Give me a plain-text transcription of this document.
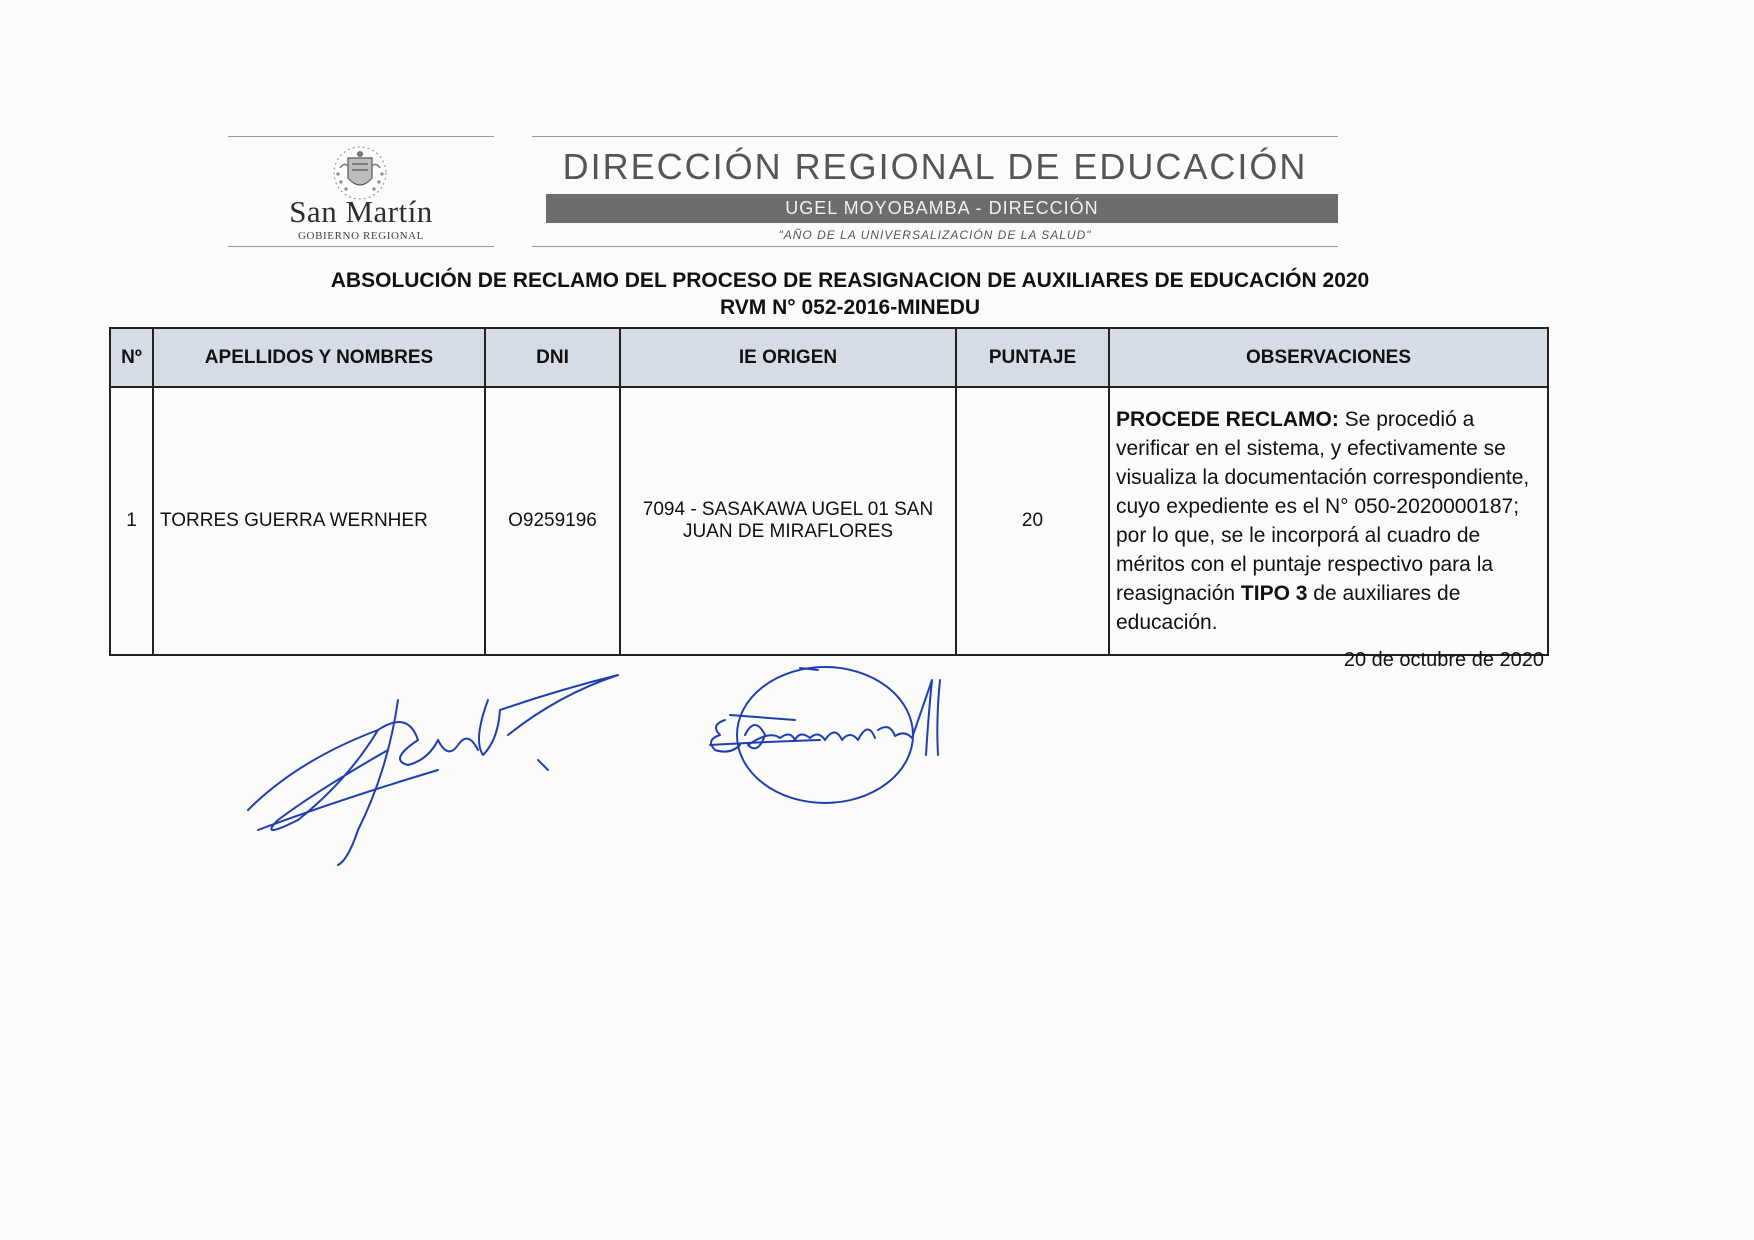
San Martín
GOBIERNO REGIONAL
DIRECCIÓN REGIONAL DE EDUCACIÓN
UGEL MOYOBAMBA - DIRECCIÓN
"AÑO DE LA UNIVERSALIZACIÓN DE LA SALUD"
ABSOLUCIÓN DE RECLAMO DEL PROCESO DE REASIGNACION DE AUXILIARES DE EDUCACIÓN 2020
RVM N° 052-2016-MINEDU
Nº	APELLIDOS Y NOMBRES	DNI	IE ORIGEN	PUNTAJE	OBSERVACIONES
1	TORRES GUERRA WERNHER	O9259196	7094 - SASAKAWA UGEL 01 SAN JUAN DE MIRAFLORES	20	PROCEDE RECLAMO: Se procedió a verificar en el sistema, y efectivamente se visualiza la documentación correspondiente, cuyo expediente es el N° 050-2020000187; por lo que, se le incorporá al cuadro de méritos con el puntaje respectivo para la reasignación TIPO 3 de auxiliares de educación.
20 de octubre de 2020
